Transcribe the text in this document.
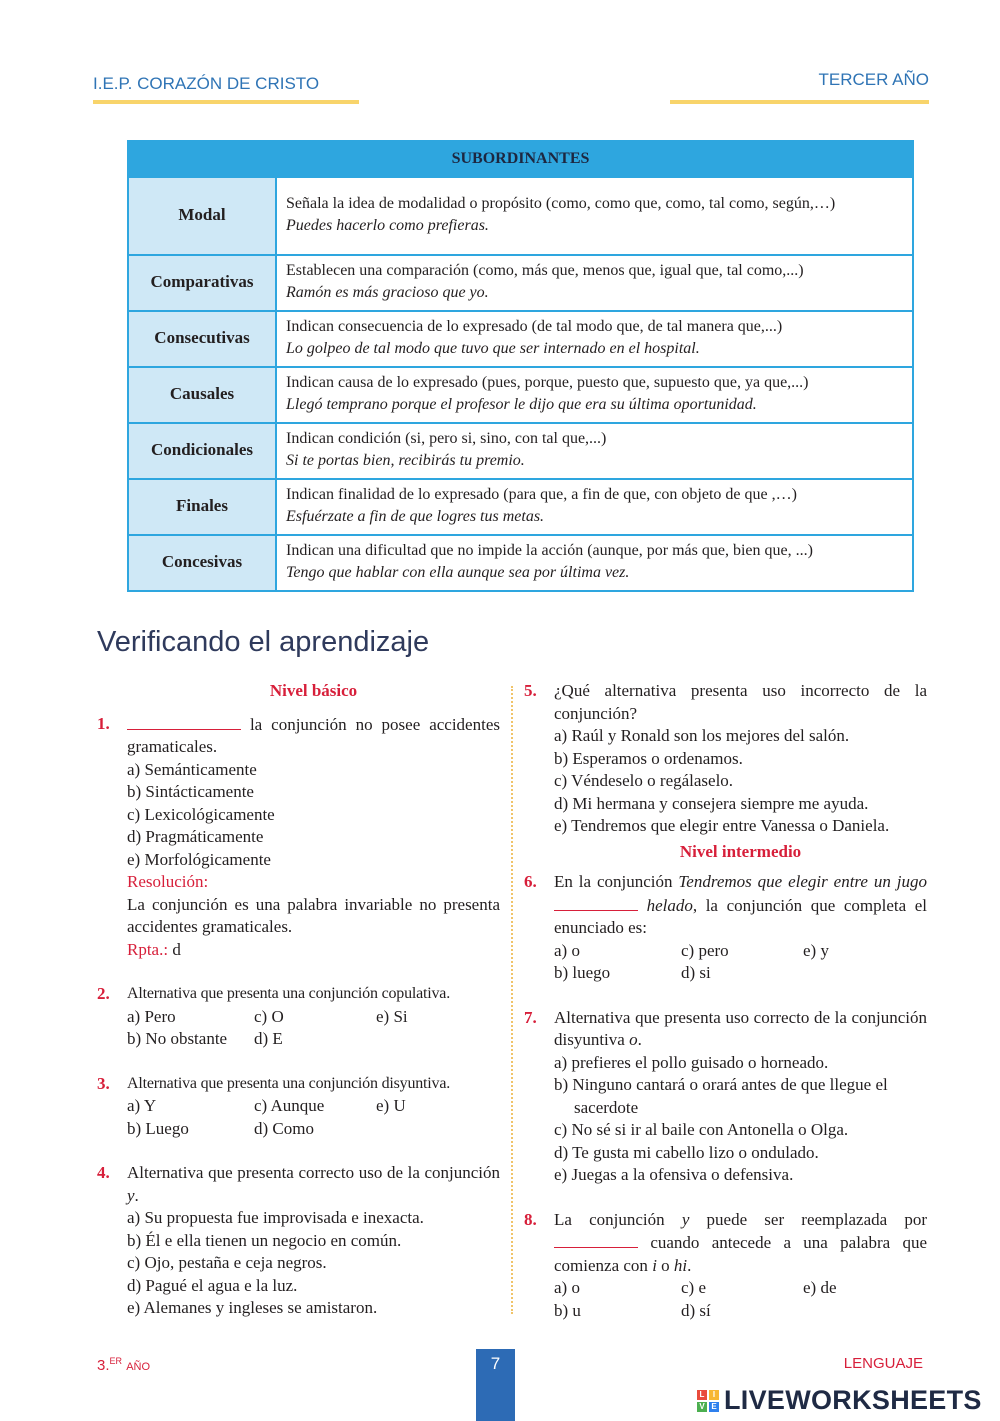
I.E.P. CORAZÓN DE CRISTO	TERCER AÑO
SUBORDINANTES	
Modal	Señala la idea de modalidad o propósito (como, como que, como, tal como, según,…)
Puedes hacerlo como prefieras.

Comparativas	Establecen una comparación (como, más que, menos que, igual que, tal como,...)
Ramón es más gracioso que yo.

Consecutivas	Indican consecuencia de lo expresado (de tal modo que, de tal manera que,...)
Lo golpeo de tal modo que tuvo que ser internado en el hospital.

Causales	Indican causa de lo expresado (pues, porque, puesto que, supuesto que, ya que,...)
Llegó temprano porque el profesor le dijo que era su última oportunidad.

Condicionales	Indican condición (si, pero si, sino, con tal que,...)
Si te portas bien, recibirás tu premio.

Finales	Indican finalidad de lo expresado (para que, a fin de que, con objeto de que ,…)
Esfuérzate a fin de que logres tus metas.

Concesivas	Indican una dificultad que no impide la acción (aunque, por más que, bien que, ...)
Tengo que hablar con ella aunque sea por última vez.
Verificando el aprendizaje
Nivel básico
1.	la conjunción no posee accidentes gramaticales.
a) Semánticamente
b) Sintácticamente
c) Lexicológicamente
d) Pragmáticamente
e) Morfológicamente
Resolución:
La conjunción es una palabra invariable no presenta accidentes gramaticales.
Rpta.: d
2.	Alternativa que presenta una conjunción copulativa.
a) Pero	c) O	e) Si
b) No obstante	d) E
3.	Alternativa que presenta una conjunción disyuntiva.
a) Y	c) Aunque	e) U
b) Luego	d) Como
4.	Alternativa que presenta correcto uso de la conjunción y.
a) Su propuesta fue improvisada e inexacta.
b) Él e ella tienen un negocio en común.
c) Ojo, pestaña e ceja negros.
d) Pagué el agua e la luz.
e) Alemanes y ingleses se amistaron.
5.	¿Qué alternativa presenta uso incorrecto de la conjunción?
a) Raúl y Ronald son los mejores del salón.
b) Esperamos o ordenamos.
c) Véndeselo o regálaselo.
d) Mi hermana y consejera siempre me ayuda.
e) Tendremos que elegir entre Vanessa o Daniela.
Nivel intermedio
6.	En la conjunción Tendremos que elegir entre un jugo  helado, la conjunción que completa el enunciado es:
a) o	c) pero	e) y
b) luego	d) si
7.	Alternativa que presenta uso correcto de la conjunción disyuntiva o.
a) prefieres el pollo guisado o horneado.
b) Ninguno cantará o orará antes de que llegue el sacerdote
c) No sé si ir al baile con Antonella o Olga.
d) Te gusta mi cabello lizo o ondulado.
e) Juegas a la ofensiva o defensiva.
8.	La conjunción y puede ser reemplazada por  cuando antecede a una palabra que comienza con i o hi.
a) o	c) e	e) de
b) u	d) sí
3.$^{ER}$ AÑO	7	LENGUAJE
L	I
V E LIVEWORKSHEETS
